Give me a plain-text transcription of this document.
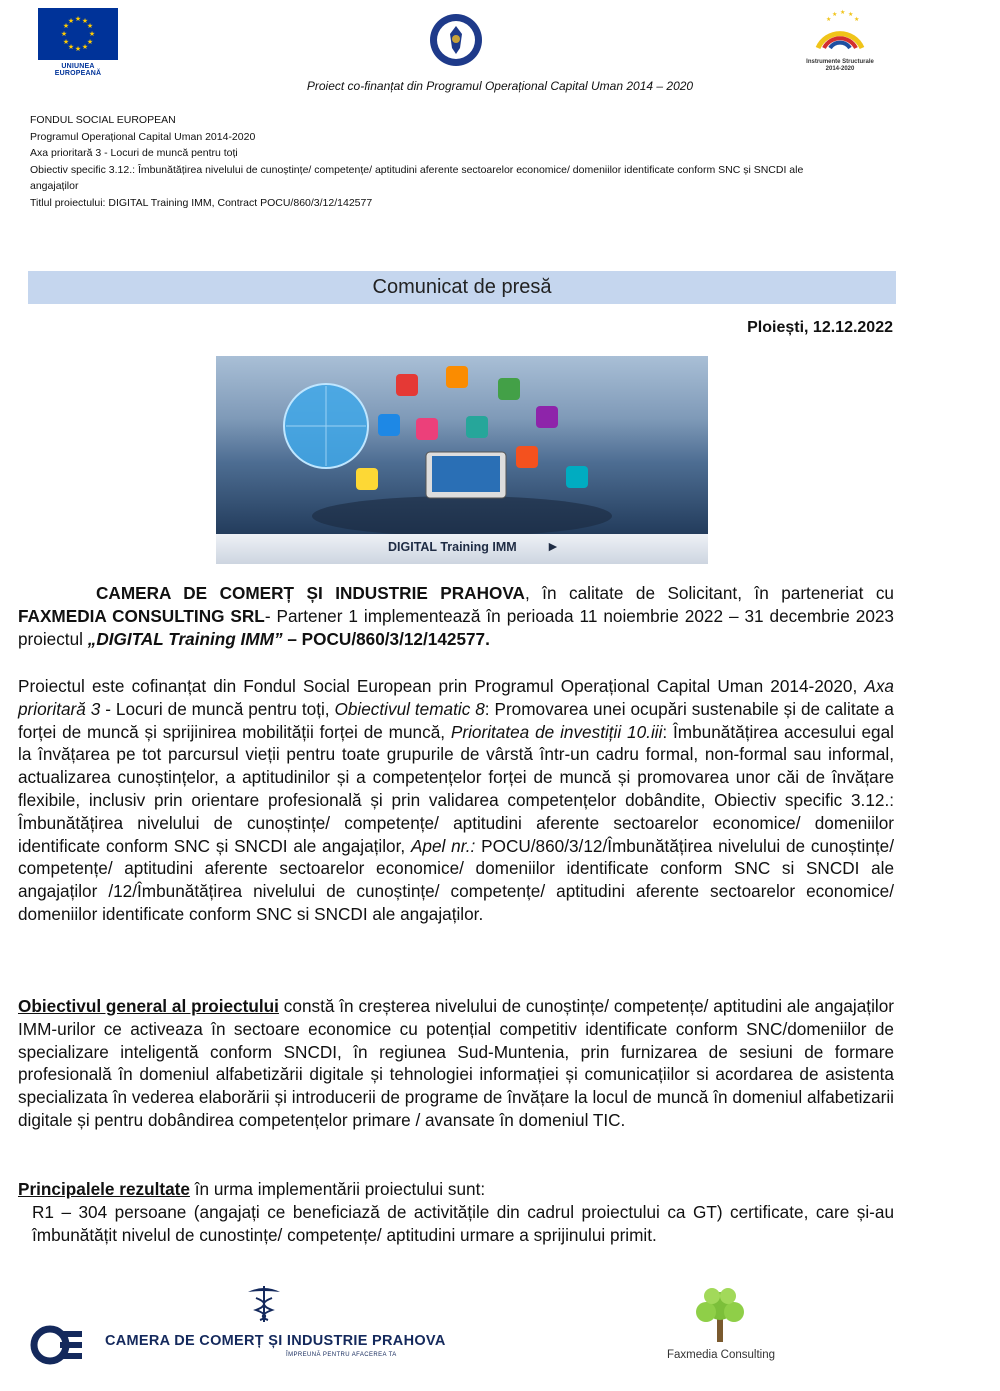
★ ★
★
★
★
★
★
★
★
★
★
★
UNIUNEA EUROPEANĂ
★ ★ ★
★
★
Instrumente Structurale
2014-2020
Proiect co-finanțat din Programul Operațional Capital Uman 2014 – 2020
FONDUL SOCIAL EUROPEAN
Programul Operațional Capital Uman 2014-2020
Axa prioritară 3 - Locuri de muncă pentru toți
Obiectiv specific 3.12.: Îmbunătățirea nivelului de cunoștințe/ competențe/ aptitudini aferente sectoarelor economice/ domeniilor identificate conform SNC și SNCDI ale
angajaților
Titlul proiectului: DIGITAL Training IMM, Contract POCU/860/3/12/142577
Comunicat de presă
Ploiești, 12.12.2022
DIGITAL Training IMM ►
CAMERA DE COMERȚ ȘI INDUSTRIE PRAHOVA, în calitate de Solicitant, în parteneriat cu FAXMEDIA CONSULTING SRL- Partener 1 implementează în perioada 11 noiembrie 2022 – 31 decembrie 2023 proiectul „DIGITAL Training IMM” – POCU/860/3/12/142577.
Proiectul este cofinanțat din Fondul Social European prin Programul Operațional Capital Uman 2014-2020, Axa prioritară 3 - Locuri de muncă pentru toți, Obiectivul tematic 8: Promovarea unei ocupări sustenabile și de calitate a forței de muncă și sprijinirea mobilității forței de muncă, Prioritatea de investiții 10.iii: Îmbunătățirea accesului egal la învățarea pe tot parcursul vieții pentru toate grupurile de vârstă într-un cadru formal, non-formal sau informal, actualizarea cunoștințelor, a aptitudinilor și a competențelor forței de muncă și promovarea unor căi de învățare flexibile, inclusiv prin orientare profesională și prin validarea competențelor dobândite, Obiectiv specific 3.12.: Îmbunătățirea nivelului de cunoștințe/ competențe/ aptitudini aferente sectoarelor economice/ domeniilor identificate conform SNC și SNCDI ale angajaților, Apel nr.: POCU/860/3/12/Îmbunătățirea nivelului de cunoștințe/ competențe/ aptitudini aferente sectoarelor economice/ domeniilor identificate conform SNC si SNCDI ale angajaților /12/Îmbunătățirea nivelului de cunoștințe/ competențe/ aptitudini aferente sectoarelor economice/ domeniilor identificate conform SNC si SNCDI ale angajaților.
Obiectivul general al proiectului constă în creșterea nivelului de cunoștințe/ competențe/ aptitudini ale angajaților IMM-urilor ce activeaza în sectoare economice cu potențial competitiv identificate conform SNC/domeniilor de specializare inteligentă conform SNCDI, în regiunea Sud-Muntenia, prin furnizarea de sesiuni de formare profesională în domeniul alfabetizării digitale și tehnologiei informației și comunicațiilor si acordarea de asistenta specializata în vederea elaborării și introducerii de programe de învățare la locul de muncă în domeniul alfabetizarii digitale și pentru dobândirea competențelor primare / avansate în domeniul TIC.
Principalele rezultate în urma implementării proiectului sunt:
R1 – 304 persoane (angajați ce beneficiază de activitățile din cadrul proiectului ca GT) certificate, care și-au îmbunătățit nivelul de cunostințe/ competențe/ aptitudini urmare a sprijinului primit.
CAMERA DE COMERȚ ȘI INDUSTRIE PRAHOVA
ÎMPREUNĂ PENTRU AFACEREA TA	Faxmedia Consulting
